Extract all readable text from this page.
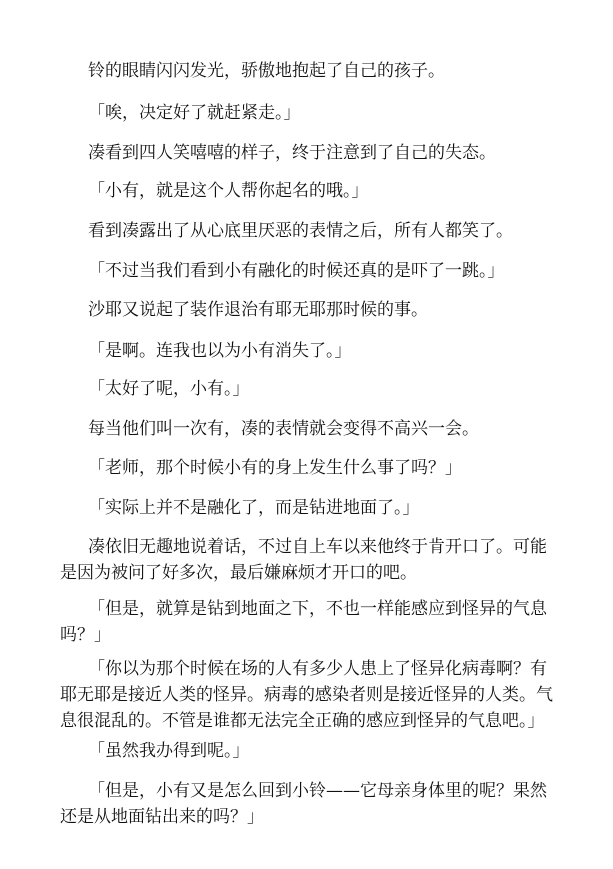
铃的眼睛闪闪发光，骄傲地抱起了自己的孩子。

「唉，决定好了就赶紧走。」

凑看到四人笑嘻嘻的样子，终于注意到了自己的失态。

「小有，就是这个人帮你起名的哦。」

看到凑露出了从心底里厌恶的表情之后，所有人都笑了。

「不过当我们看到小有融化的时候还真的是吓了一跳。」

沙耶又说起了装作退治有耶无耶那时候的事。

「是啊。连我也以为小有消失了。」

「太好了呢，小有。」

每当他们叫一次有，凑的表情就会变得不高兴一会。

「老师，那个时候小有的身上发生什么事了吗？」

「实际上并不是融化了，而是钻进地面了。」

凑依旧无趣地说着话，不过自上车以来他终于肯开口了。可能
是因为被问了好多次，最后嫌麻烦才开口的吧。

「但是，就算是钻到地面之下，不也一样能感应到怪异的气息
吗？」

「你以为那个时候在场的人有多少人患上了怪异化病毒啊？有
耶无耶是接近人类的怪异。病毒的感染者则是接近怪异的人类。气
息很混乱的。不管是谁都无法完全正确的感应到怪异的气息吧。」

「虽然我办得到呢。」

「但是，小有又是怎么回到小铃——它母亲身体里的呢？果然
还是从地面钻出来的吗？」
